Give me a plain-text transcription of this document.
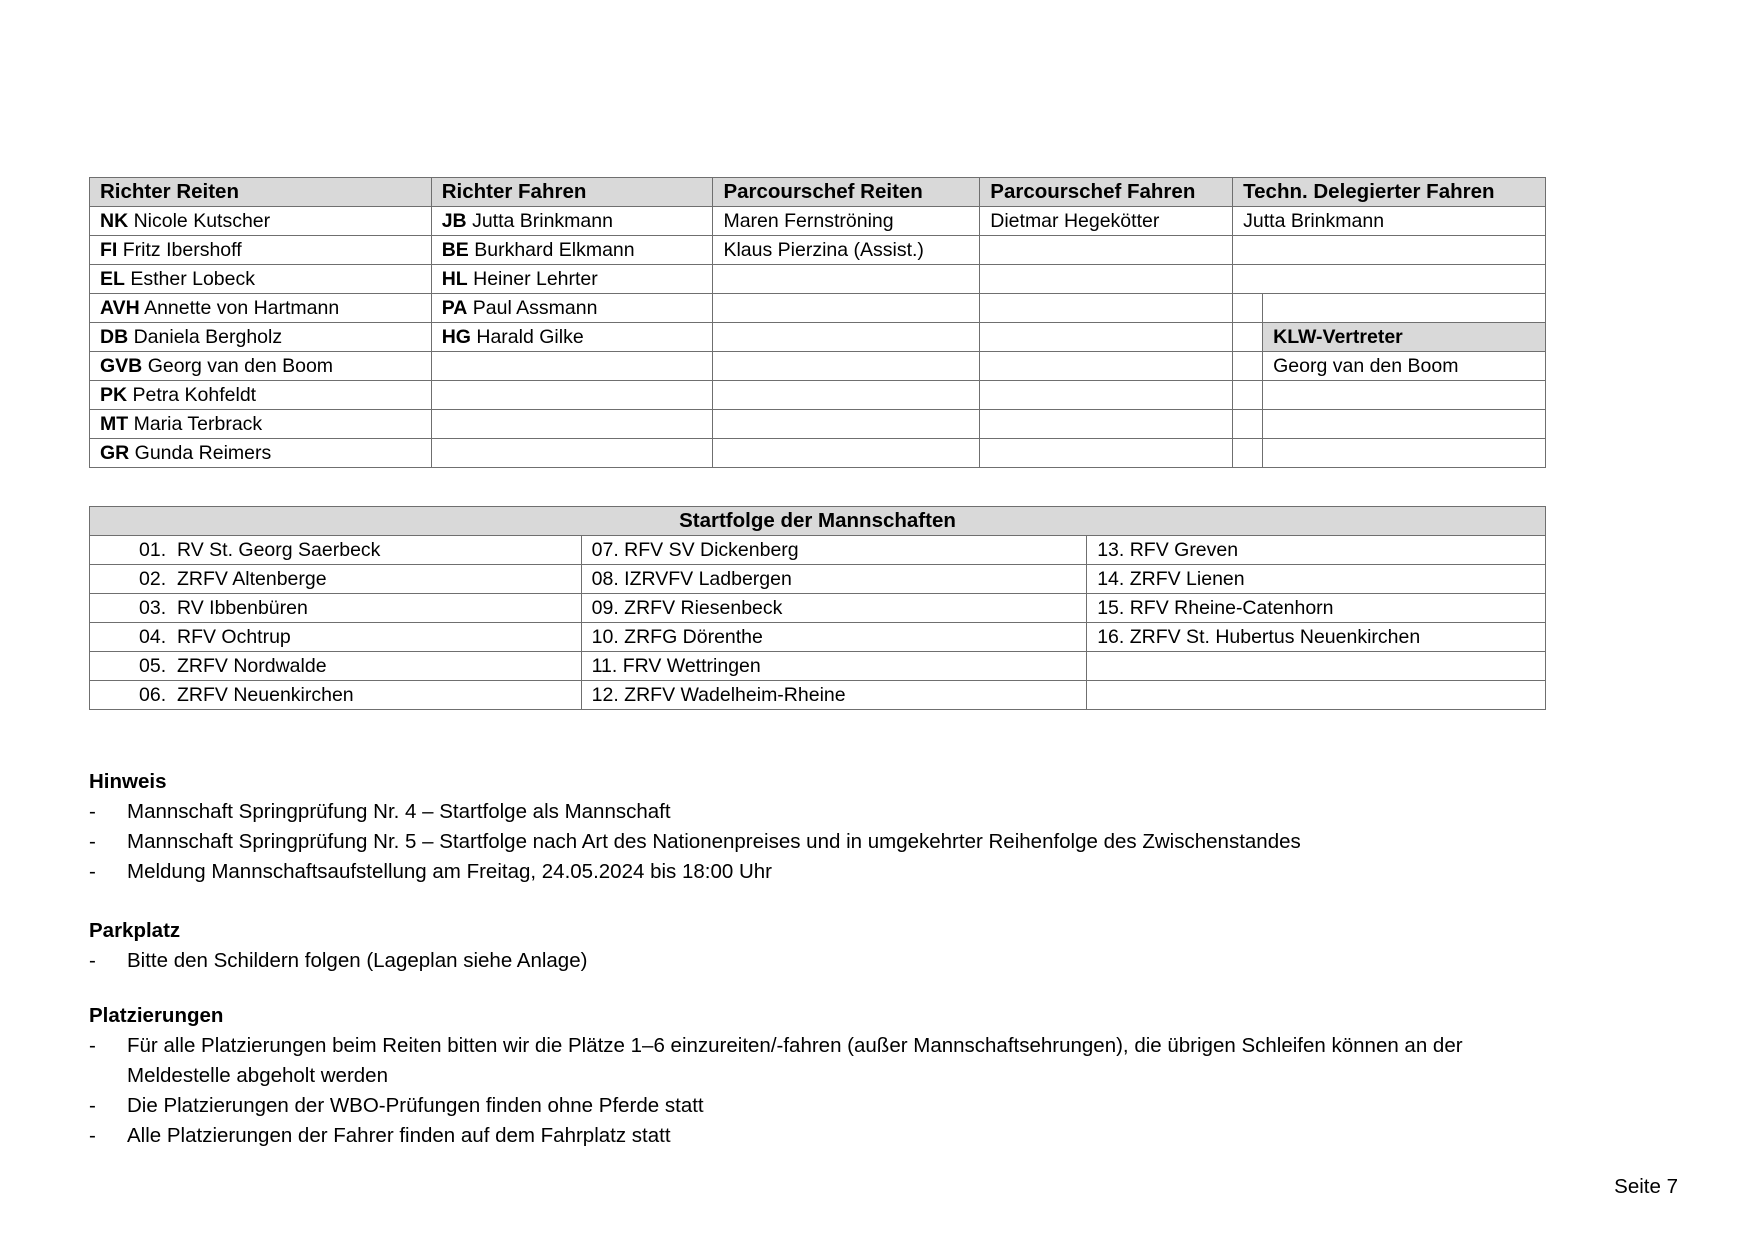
Richter Reiten	Richter Fahren	Parcourschef Reiten	Parcourschef Fahren	Techn. Delegierter Fahren	
NK Nicole Kutscher	JB Jutta Brinkmann	Maren Fernströning	Dietmar Hegekötter	Jutta Brinkmann	
FI Fritz Ibershoff	BE Burkhard Elkmann	Klaus Pierzina (Assist.)			
EL Esther Lobeck	HL Heiner Lehrter				
AVH Annette von Hartmann	PA Paul Assmann				
DB Daniela Bergholz	HG Harald Gilke				KLW-Vertreter
GVB Georg van den Boom					Georg van den Boom
PK Petra Kohfeldt					
MT Maria Terbrack					
GR Gunda Reimers					
Startfolge der Mannschaften		
01. RV St. Georg Saerbeck	07. RFV SV Dickenberg	13. RFV Greven
02. ZRFV Altenberge	08. IZRVFV Ladbergen	14. ZRFV Lienen
03. RV Ibbenbüren	09. ZRFV Riesenbeck	15. RFV Rheine-Catenhorn
04. RFV Ochtrup	10. ZRFG Dörenthe	16. ZRFV St. Hubertus Neuenkirchen
05. ZRFV Nordwalde	11. FRV Wettringen	
06. ZRFV Neuenkirchen	12. ZRFV Wadelheim-Rheine	
Hinweis
- Mannschaft Springprüfung Nr. 4 – Startfolge als Mannschaft
- Mannschaft Springprüfung Nr. 5 – Startfolge nach Art des Nationenpreises und in umgekehrter Reihenfolge des Zwischenstandes
- Meldung Mannschaftsaufstellung am Freitag, 24.05.2024 bis 18:00 Uhr
Parkplatz
- Bitte den Schildern folgen (Lageplan siehe Anlage)
Platzierungen
- Für alle Platzierungen beim Reiten bitten wir die Plätze 1–6 einzureiten/-fahren (außer Mannschaftsehrungen), die übrigen Schleifen können an der Meldestelle abgeholt werden
- Die Platzierungen der WBO-Prüfungen finden ohne Pferde statt
- Alle Platzierungen der Fahrer finden auf dem Fahrplatz statt
Seite 7
